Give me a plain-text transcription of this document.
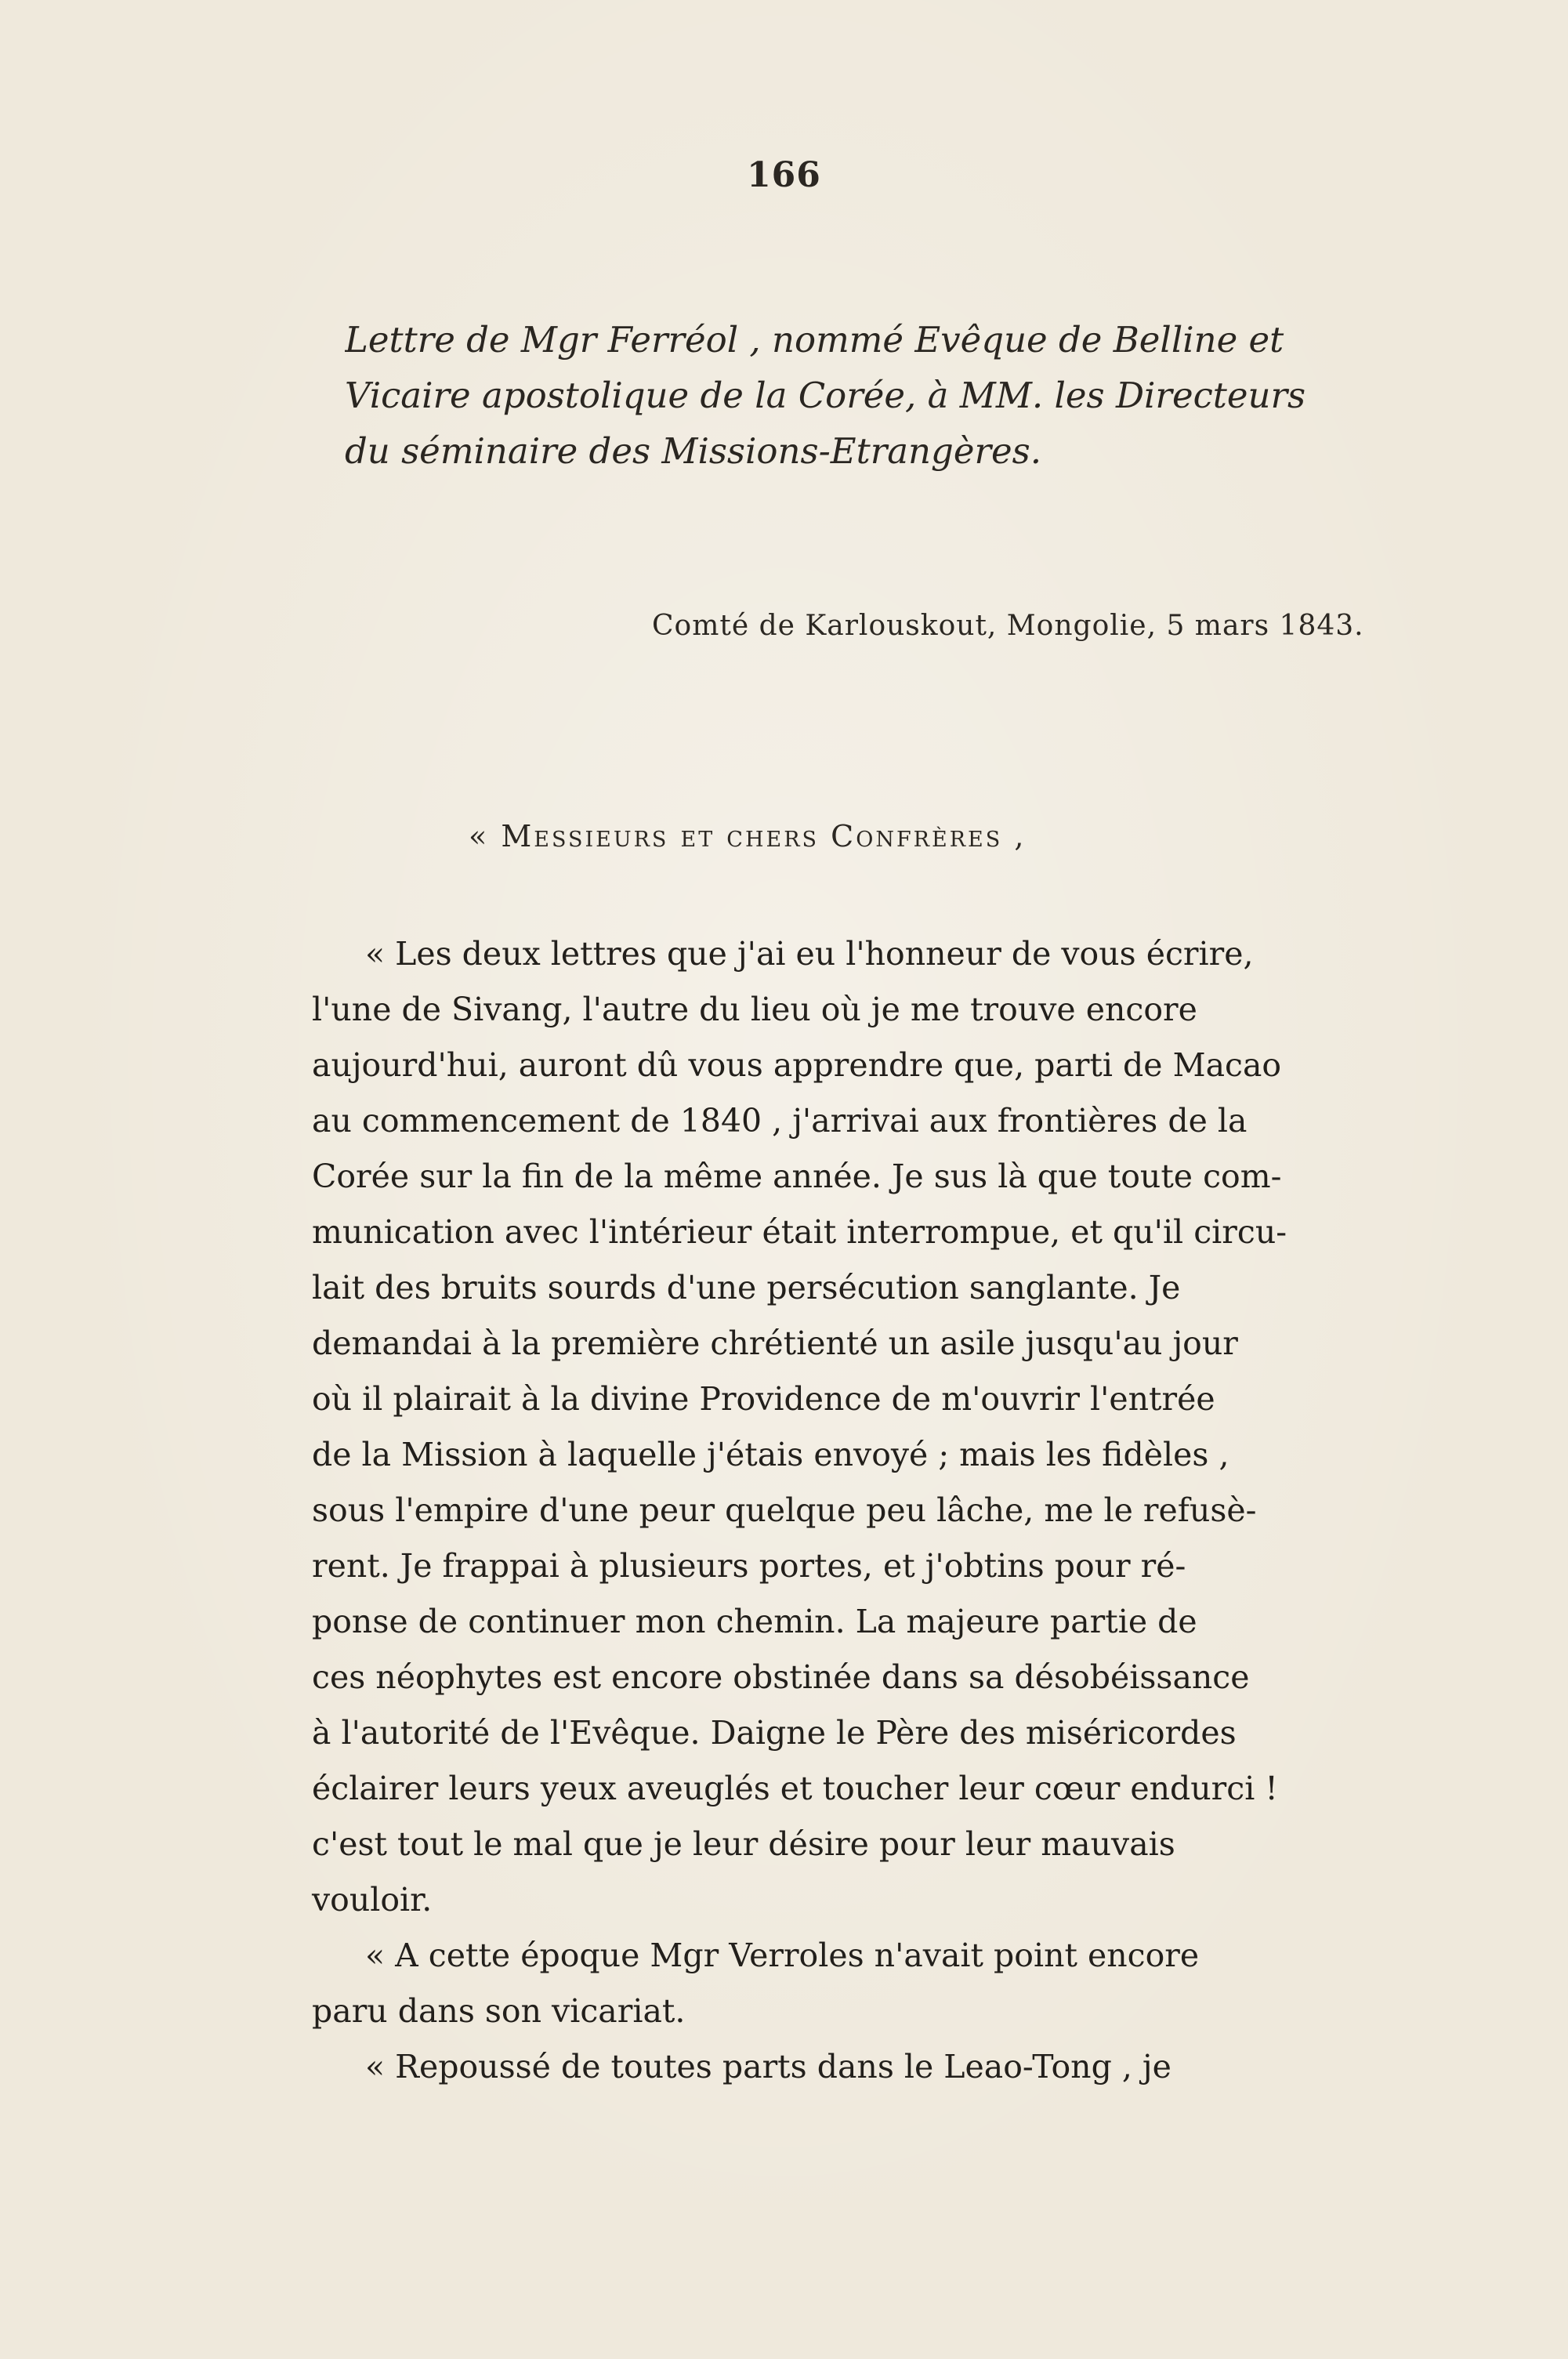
166
Lettre de Mgr Ferréol , nommé Evêque de Belline et
Vicaire apostolique de la Corée, à MM. les Directeurs
du séminaire des Missions-Etrangères.
Comté de Karlouskout, Mongolie, 5 mars 1843.
« Messieurs et chers Confrères ,
« Les deux lettres que j'ai eu l'honneur de vous écrire,
l'une de Sivang, l'autre du lieu où je me trouve encore
aujourd'hui, auront dû vous apprendre que, parti de Macao
au commencement de 1840 , j'arrivai aux frontières de la
Corée sur la fin de la même année. Je sus là que toute com-
munication avec l'intérieur était interrompue, et qu'il circu-
lait des bruits sourds d'une persécution sanglante. Je
demandai à la première chrétienté un asile jusqu'au jour
où il plairait à la divine Providence de m'ouvrir l'entrée
de la Mission à laquelle j'étais envoyé ; mais les fidèles ,
sous l'empire d'une peur quelque peu lâche, me le refusè-
rent. Je frappai à plusieurs portes, et j'obtins pour ré-
ponse de continuer mon chemin. La majeure partie de
ces néophytes est encore obstinée dans sa désobéissance
à l'autorité de l'Evêque. Daigne le Père des miséricordes
éclairer leurs yeux aveuglés et toucher leur cœur endurci !
c'est tout le mal que je leur désire pour leur mauvais
vouloir.
« A cette époque Mgr Verroles n'avait point encore
paru dans son vicariat.
« Repoussé de toutes parts dans le Leao-Tong , je
